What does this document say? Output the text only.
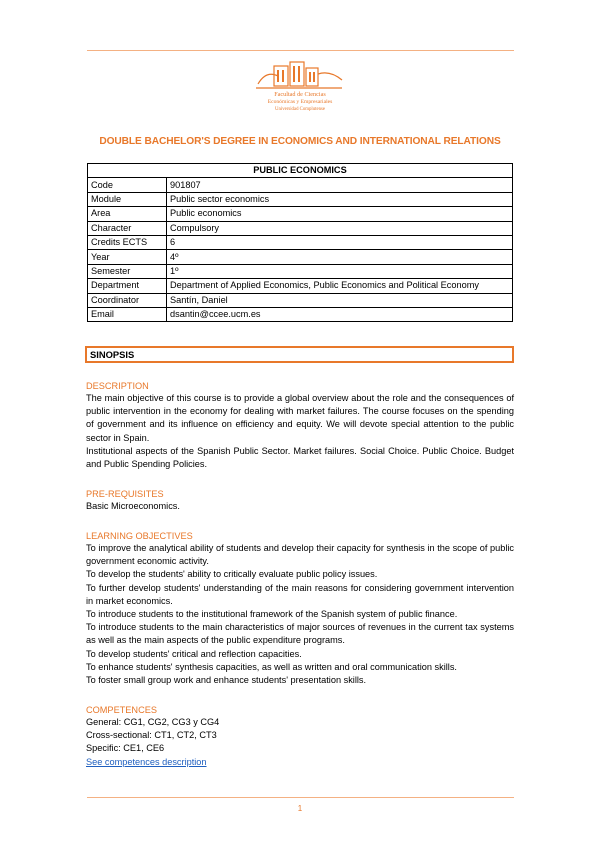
Facultad de Ciencias
Económicas y Empresariales
Universidad Complutense
DOUBLE BACHELOR'S DEGREE IN ECONOMICS AND INTERNATIONAL RELATIONS
PUBLIC ECONOMICS	
Code	901807
Module	Public sector economics
Area	Public economics
Character	Compulsory
Credits ECTS	6
Year	4º
Semester	1º
Department	Department of Applied Economics, Public Economics and Political Economy
Coordinator	Santín, Daniel
Email	dsantin@ccee.ucm.es
SINOPSIS
DESCRIPTION
The main objective of this course is to provide a global overview about the role and the consequences of public intervention in the economy for dealing with market failures. The course focuses on the spending of government and its influence on efficiency and equity. We will devote special attention to the public sector in Spain.
Institutional aspects of the Spanish Public Sector. Market failures. Social Choice. Public Choice. Budget and Public Spending Policies.
PRE-REQUISITES
Basic Microeconomics.
LEARNING OBJECTIVES
To improve the analytical ability of students and develop their capacity for synthesis in the scope of public government economic activity.
To develop the students' ability to critically evaluate public policy issues.
To further develop students' understanding of the main reasons for considering government intervention in market economics.
To introduce students to the institutional framework of the Spanish system of public finance.
To introduce students to the main characteristics of major sources of revenues in the current tax systems as well as the main aspects of the public expenditure programs.
To develop students' critical and reflection capacities.
To enhance students' synthesis capacities, as well as written and oral communication skills.
To foster small group work and enhance students' presentation skills.
COMPETENCES
General: CG1, CG2, CG3 y CG4
Cross-sectional: CT1, CT2, CT3
Specific: CE1, CE6
See competences description
1
